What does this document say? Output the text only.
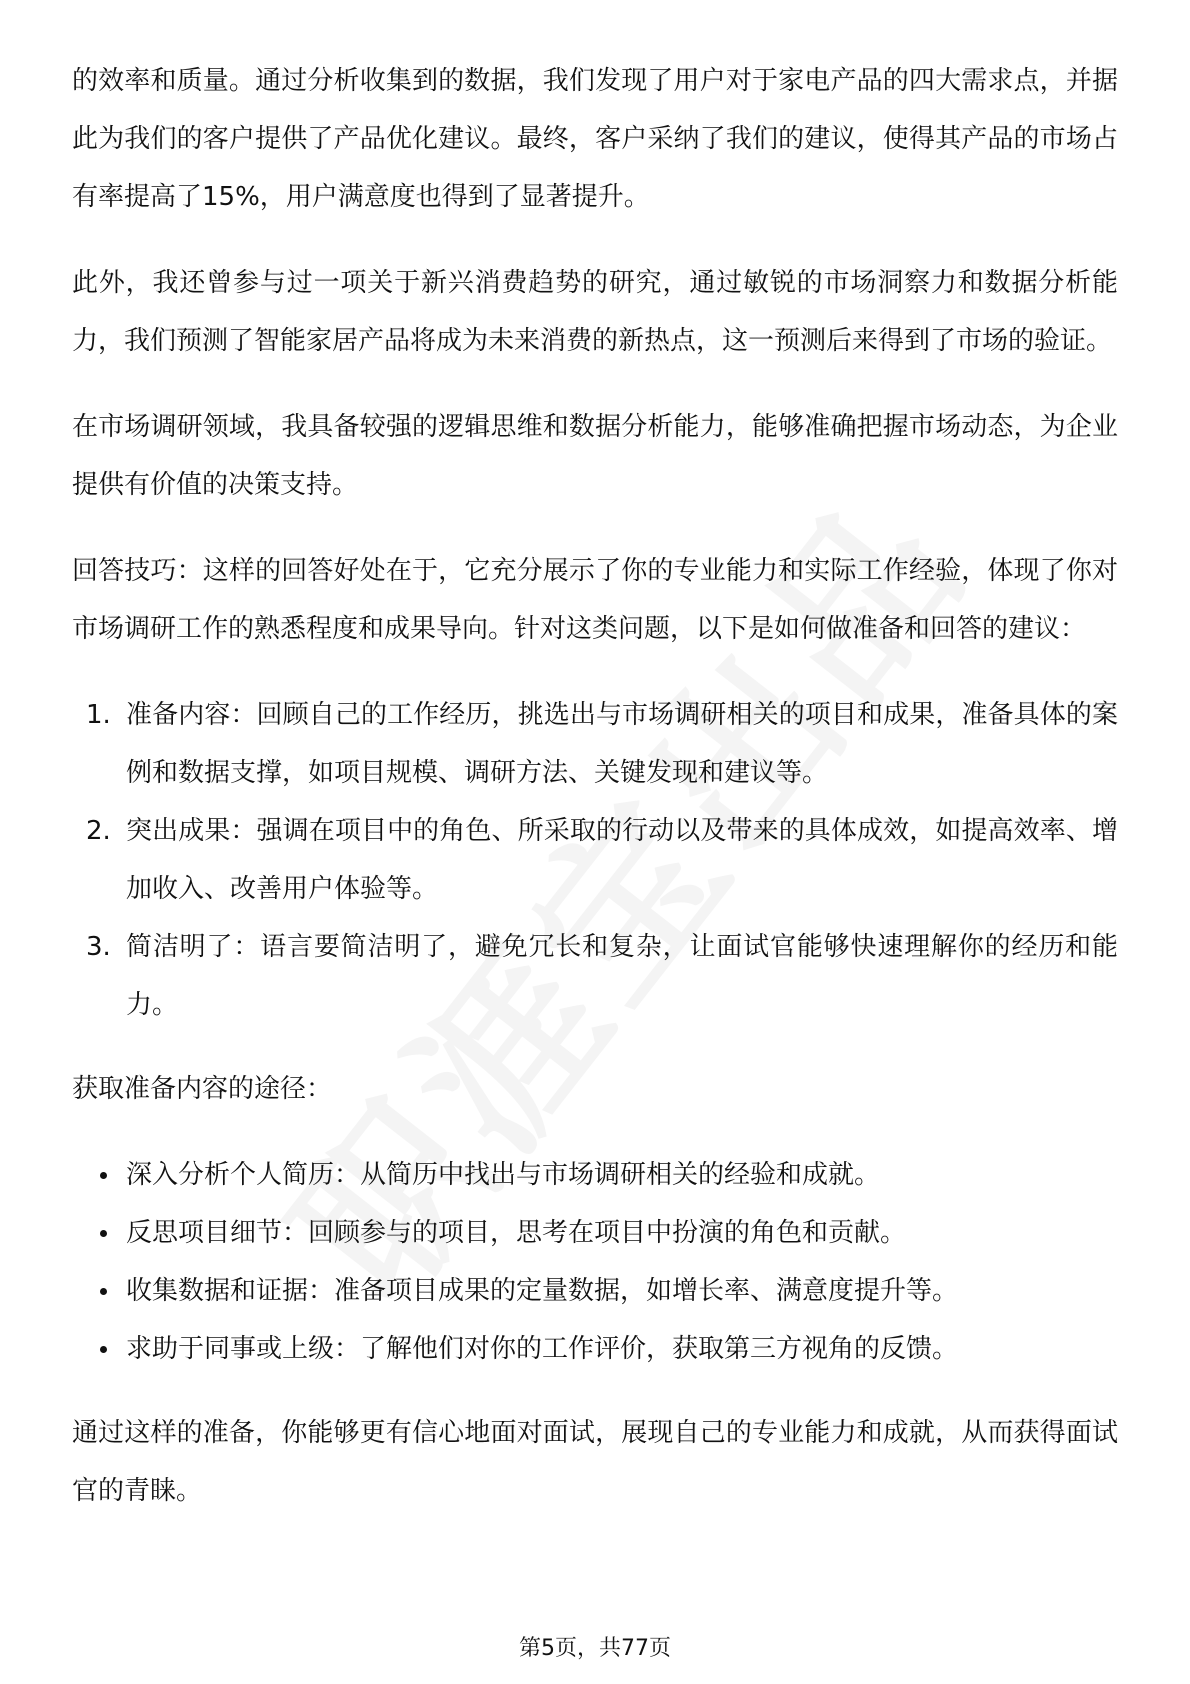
的效率和质量。通过分析收集到的数据，我们发现了用户对于家电产品的四大需求点，并据此为我们的客户提供了产品优化建议。最终，客户采纳了我们的建议，使得其产品的市场占有率提高了15%，用户满意度也得到了显著提升。

此外，我还曾参与过一项关于新兴消费趋势的研究，通过敏锐的市场洞察力和数据分析能力，我们预测了智能家居产品将成为未来消费的新热点，这一预测后来得到了市场的验证。

在市场调研领域，我具备较强的逻辑思维和数据分析能力，能够准确把握市场动态，为企业提供有价值的决策支持。

回答技巧：这样的回答好处在于，它充分展示了你的专业能力和实际工作经验，体现了你对市场调研工作的熟悉程度和成果导向。针对这类问题，以下是如何做准备和回答的建议：

1. 准备内容：回顾自己的工作经历，挑选出与市场调研相关的项目和成果，准备具体的案例和数据支撑，如项目规模、调研方法、关键发现和建议等。
2. 突出成果：强调在项目中的角色、所采取的行动以及带来的具体成效，如提高效率、增加收入、改善用户体验等。
3. 简洁明了：语言要简洁明了，避免冗长和复杂，让面试官能够快速理解你的经历和能力。

获取准备内容的途径：

深入分析个人简历：从简历中找出与市场调研相关的经验和成就。
反思项目细节：回顾参与的项目，思考在项目中扮演的角色和贡献。
收集数据和证据：准备项目成果的定量数据，如增长率、满意度提升等。
求助于同事或上级：了解他们对你的工作评价，获取第三方视角的反馈。

通过这样的准备，你能够更有信心地面对面试，展现自己的专业能力和成就，从而获得面试官的青睐。

第5页，共77页
